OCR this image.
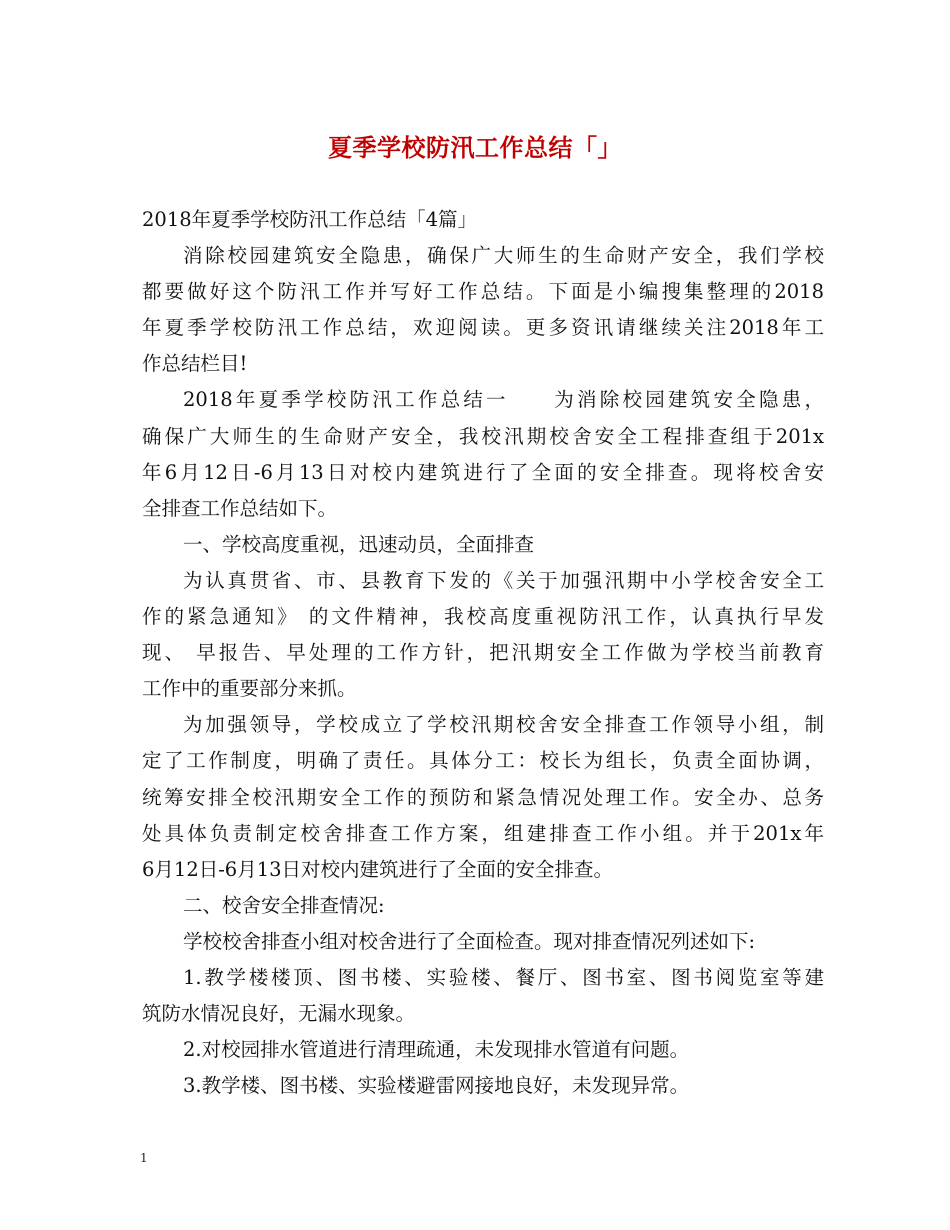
夏季学校防汛工作总结「」
2018年夏季学校防汛工作总结「4篇」
消除校园建筑安全隐患，确保广大师生的生命财产安全，我们学校
都要做好这个防汛工作并写好工作总结。下面是小编搜集整理的2018
年夏季学校防汛工作总结，欢迎阅读。更多资讯请继续关注2018年工
作总结栏目!
2018年夏季学校防汛工作总结一　　为消除校园建筑安全隐患，
确保广大师生的生命财产安全，我校汛期校舍安全工程排查组于201x
年6月12日-6月13日对校内建筑进行了全面的安全排查。现将校舍安
全排查工作总结如下。
一、学校高度重视，迅速动员，全面排查
为认真贯省、市、县教育下发的《关于加强汛期中小学校舍安全工
作的紧急通知》 的文件精神，我校高度重视防汛工作，认真执行早发
现、 早报告、早处理的工作方针，把汛期安全工作做为学校当前教育
工作中的重要部分来抓。
为加强领导，学校成立了学校汛期校舍安全排查工作领导小组，制
定了工作制度，明确了责任。具体分工：校长为组长，负责全面协调，
统筹安排全校汛期安全工作的预防和紧急情况处理工作。安全办、总务
处具体负责制定校舍排查工作方案，组建排查工作小组。并于201x年
6月12日-6月13日对校内建筑进行了全面的安全排查。
二、校舍安全排查情况:
学校校舍排查小组对校舍进行了全面检查。现对排查情况列述如下:
1.教学楼楼顶、图书楼、实验楼、餐厅、图书室、图书阅览室等建
筑防水情况良好，无漏水现象。
2.对校园排水管道进行清理疏通，未发现排水管道有问题。
3.教学楼、图书楼、实验楼避雷网接地良好，未发现异常。
1
